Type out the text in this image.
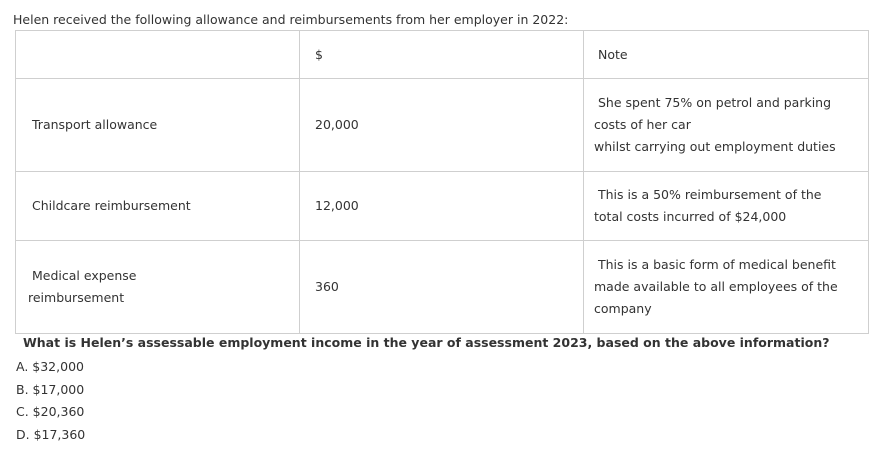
Helen received the following allowance and reimbursements from her employer in 2022:
	$	Note

Transport allowance	20,000	She spent 75% on petrol and parking
costs of her car
whilst carrying out employment duties

Childcare reimbursement	12,000	This is a 50% reimbursement of the
total costs incurred of $24,000

Medical expense
reimbursement	360	This is a basic form of medical benefit
made available to all employees of the
company
What is Helen’s assessable employment income in the year of assessment 2023, based on the above information?
A. $32,000
B. $17,000
C. $20,360
D. $17,360
